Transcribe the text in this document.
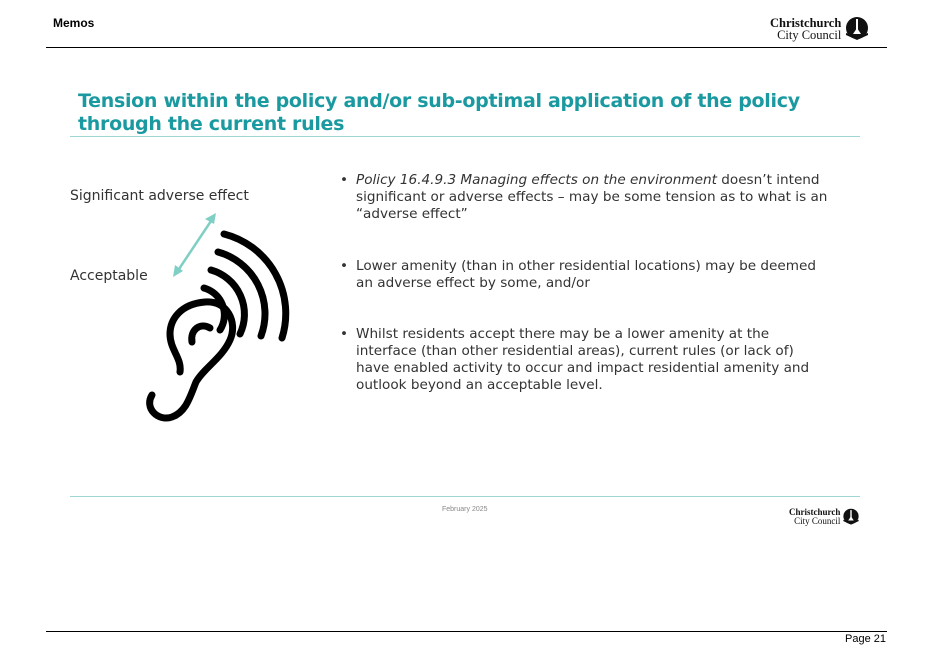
Memos	Christchurch
City Council
Tension within the policy and/or sub-optimal application of the policy through the current rules
Significant adverse effect
Acceptable
• Policy 16.4.9.3 Managing effects on the environment doesn’t intend significant or adverse effects – may be some tension as to what is an “adverse effect”
• Lower amenity (than in other residential locations) may be deemed an adverse effect by some, and/or
• Whilst residents accept there may be a lower amenity at the interface (than other residential areas), current rules (or lack of) have enabled activity to occur and impact residential amenity and outlook beyond an acceptable level.
February 2025	Christchurch
City Council
Page 21
